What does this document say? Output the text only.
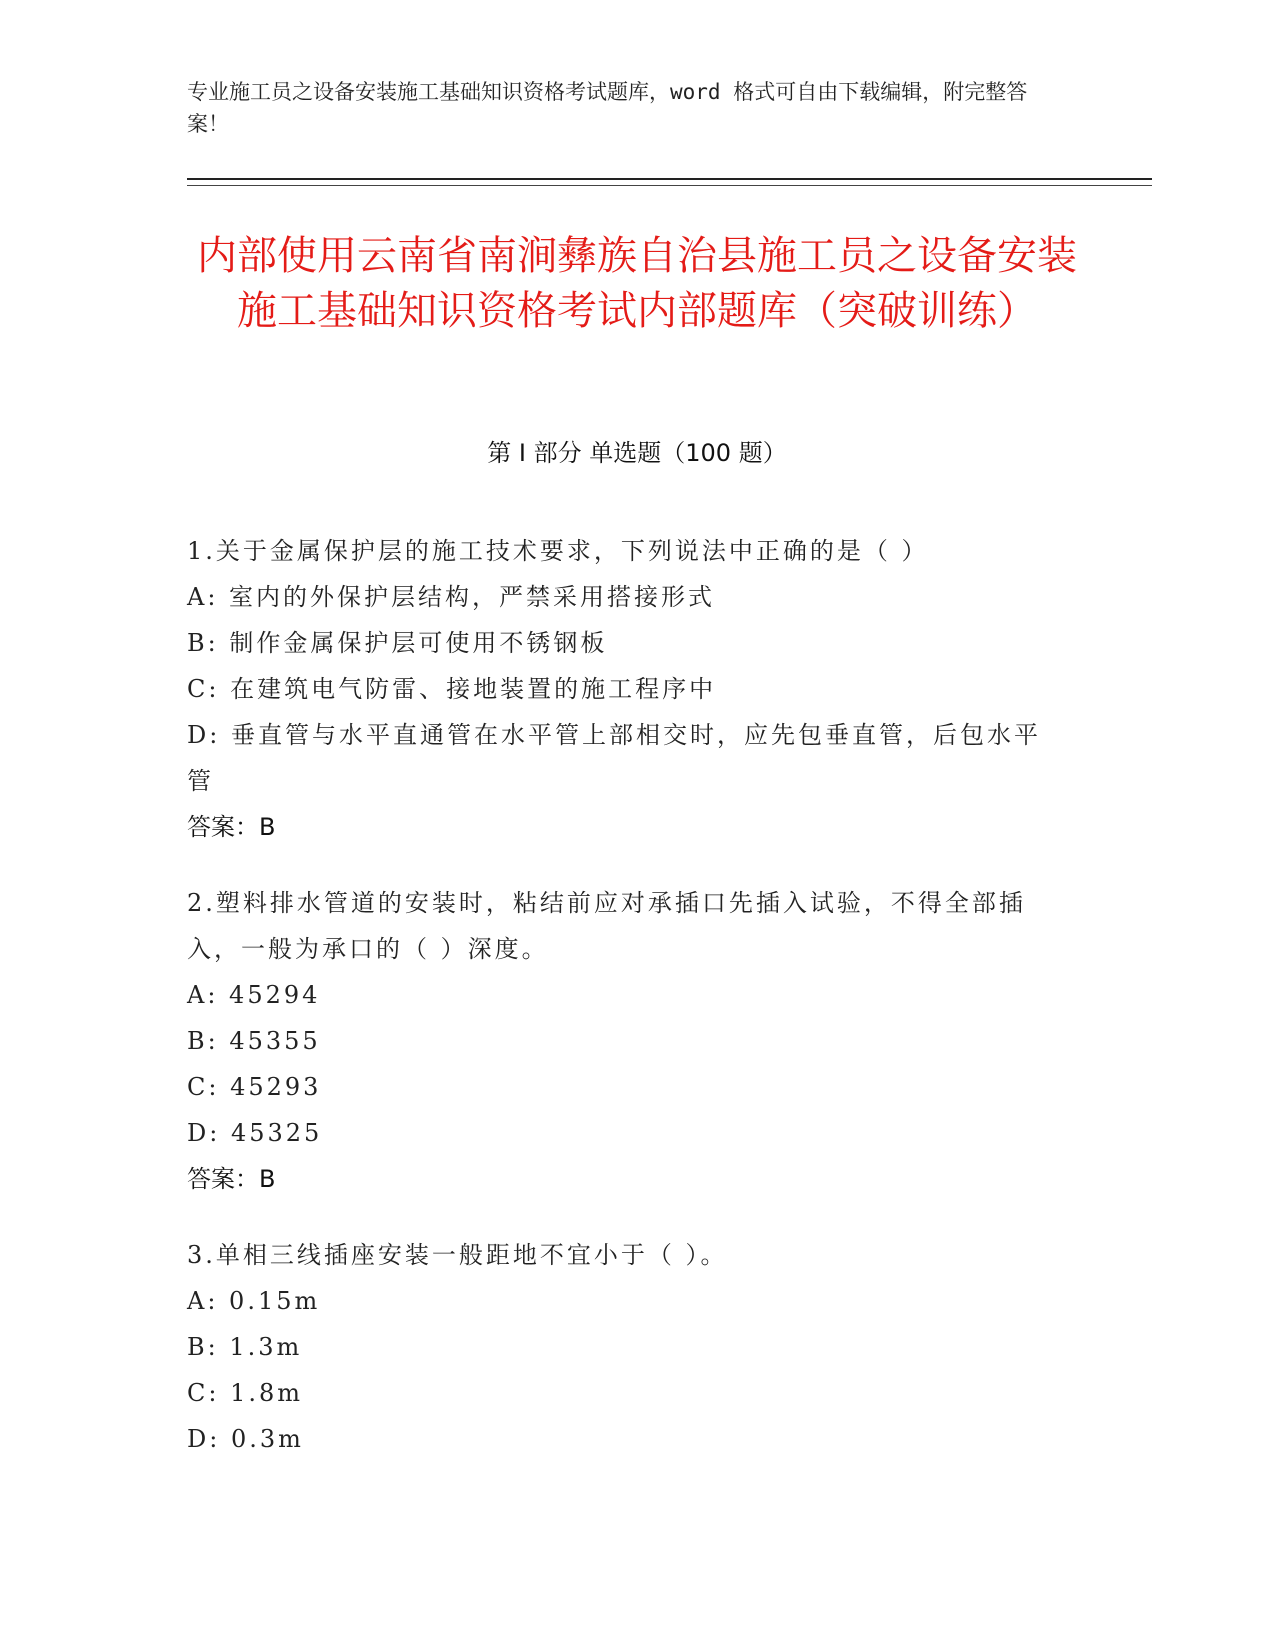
专业施工员之设备安装施工基础知识资格考试题库，word 格式可自由下载编辑，附完整答案！
内部使用云南省南涧彝族自治县施工员之设备安装施工基础知识资格考试内部题库（突破训练）
第 I 部分 单选题（100 题）

1.关于金属保护层的施工技术要求，下列说法中正确的是（ ）

A: 室内的外保护层结构，严禁采用搭接形式

B: 制作金属保护层可使用不锈钢板

C: 在建筑电气防雷、接地装置的施工程序中

D: 垂直管与水平直通管在水平管上部相交时，应先包垂直管，后包水平管

答案：B

2.塑料排水管道的安装时，粘结前应对承插口先插入试验，不得全部插入，一般为承口的（ ）深度。

A: 45294

B: 45355

C: 45293

D: 45325

答案：B

3.单相三线插座安装一般距地不宜小于（ ）。

A: 0.15m

B: 1.3m

C: 1.8m

D: 0.3m
